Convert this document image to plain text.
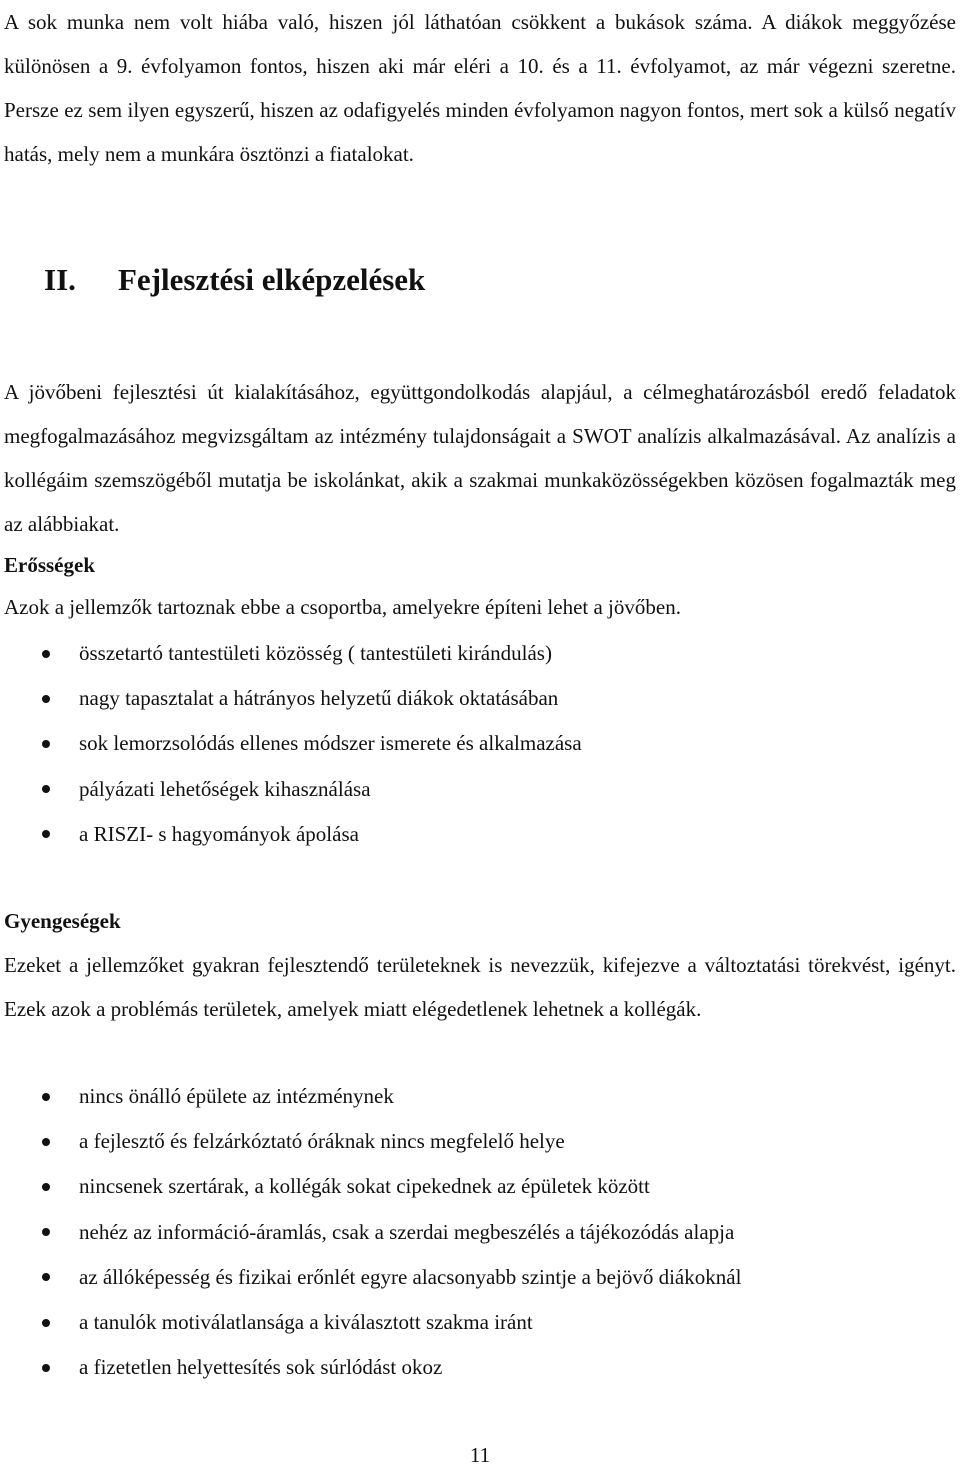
A sok munka nem volt hiába való, hiszen jól láthatóan csökkent a bukások száma. A diákok meggyőzése különösen a 9. évfolyamon fontos, hiszen aki már eléri a 10. és a 11. évfolyamot, az már végezni szeretne. Persze ez sem ilyen egyszerű, hiszen az odafigyelés minden évfolyamon nagyon fontos, mert sok a külső negatív hatás, mely nem a munkára ösztönzi a fiatalokat.

II. Fejlesztési elképzelések

A jövőbeni fejlesztési út kialakításához, együttgondolkodás alapjául, a célmeghatározásból eredő feladatok megfogalmazásához megvizsgáltam az intézmény tulajdonságait a SWOT analízis alkalmazásával. Az analízis a kollégáim szemszögéből mutatja be iskolánkat, akik a szakmai munkaközösségekben közösen fogalmazták meg az alábbiakat.

Erősségek

Azok a jellemzők tartoznak ebbe a csoportba, amelyekre építeni lehet a jövőben.

összetartó tantestületi közösség ( tantestületi kirándulás)
nagy tapasztalat a hátrányos helyzetű diákok oktatásában
sok lemorzsolódás ellenes módszer ismerete és alkalmazása
pályázati lehetőségek kihasználása
a RISZI- s hagyományok ápolása

Gyengeségek

Ezeket a jellemzőket gyakran fejlesztendő területeknek is nevezzük, kifejezve a változtatási törekvést, igényt. Ezek azok a problémás területek, amelyek miatt elégedetlenek lehetnek a kollégák.

nincs önálló épülete az intézménynek
a fejlesztő és felzárkóztató óráknak nincs megfelelő helye
nincsenek szertárak, a kollégák sokat cipekednek az épületek között
nehéz az információ-áramlás, csak a szerdai megbeszélés a tájékozódás alapja
az állóképesség és fizikai erőnlét egyre alacsonyabb szintje a bejövő diákoknál
a tanulók motiválatlansága a kiválasztott szakma iránt
a fizetetlen helyettesítés sok súrlódást okoz
11
